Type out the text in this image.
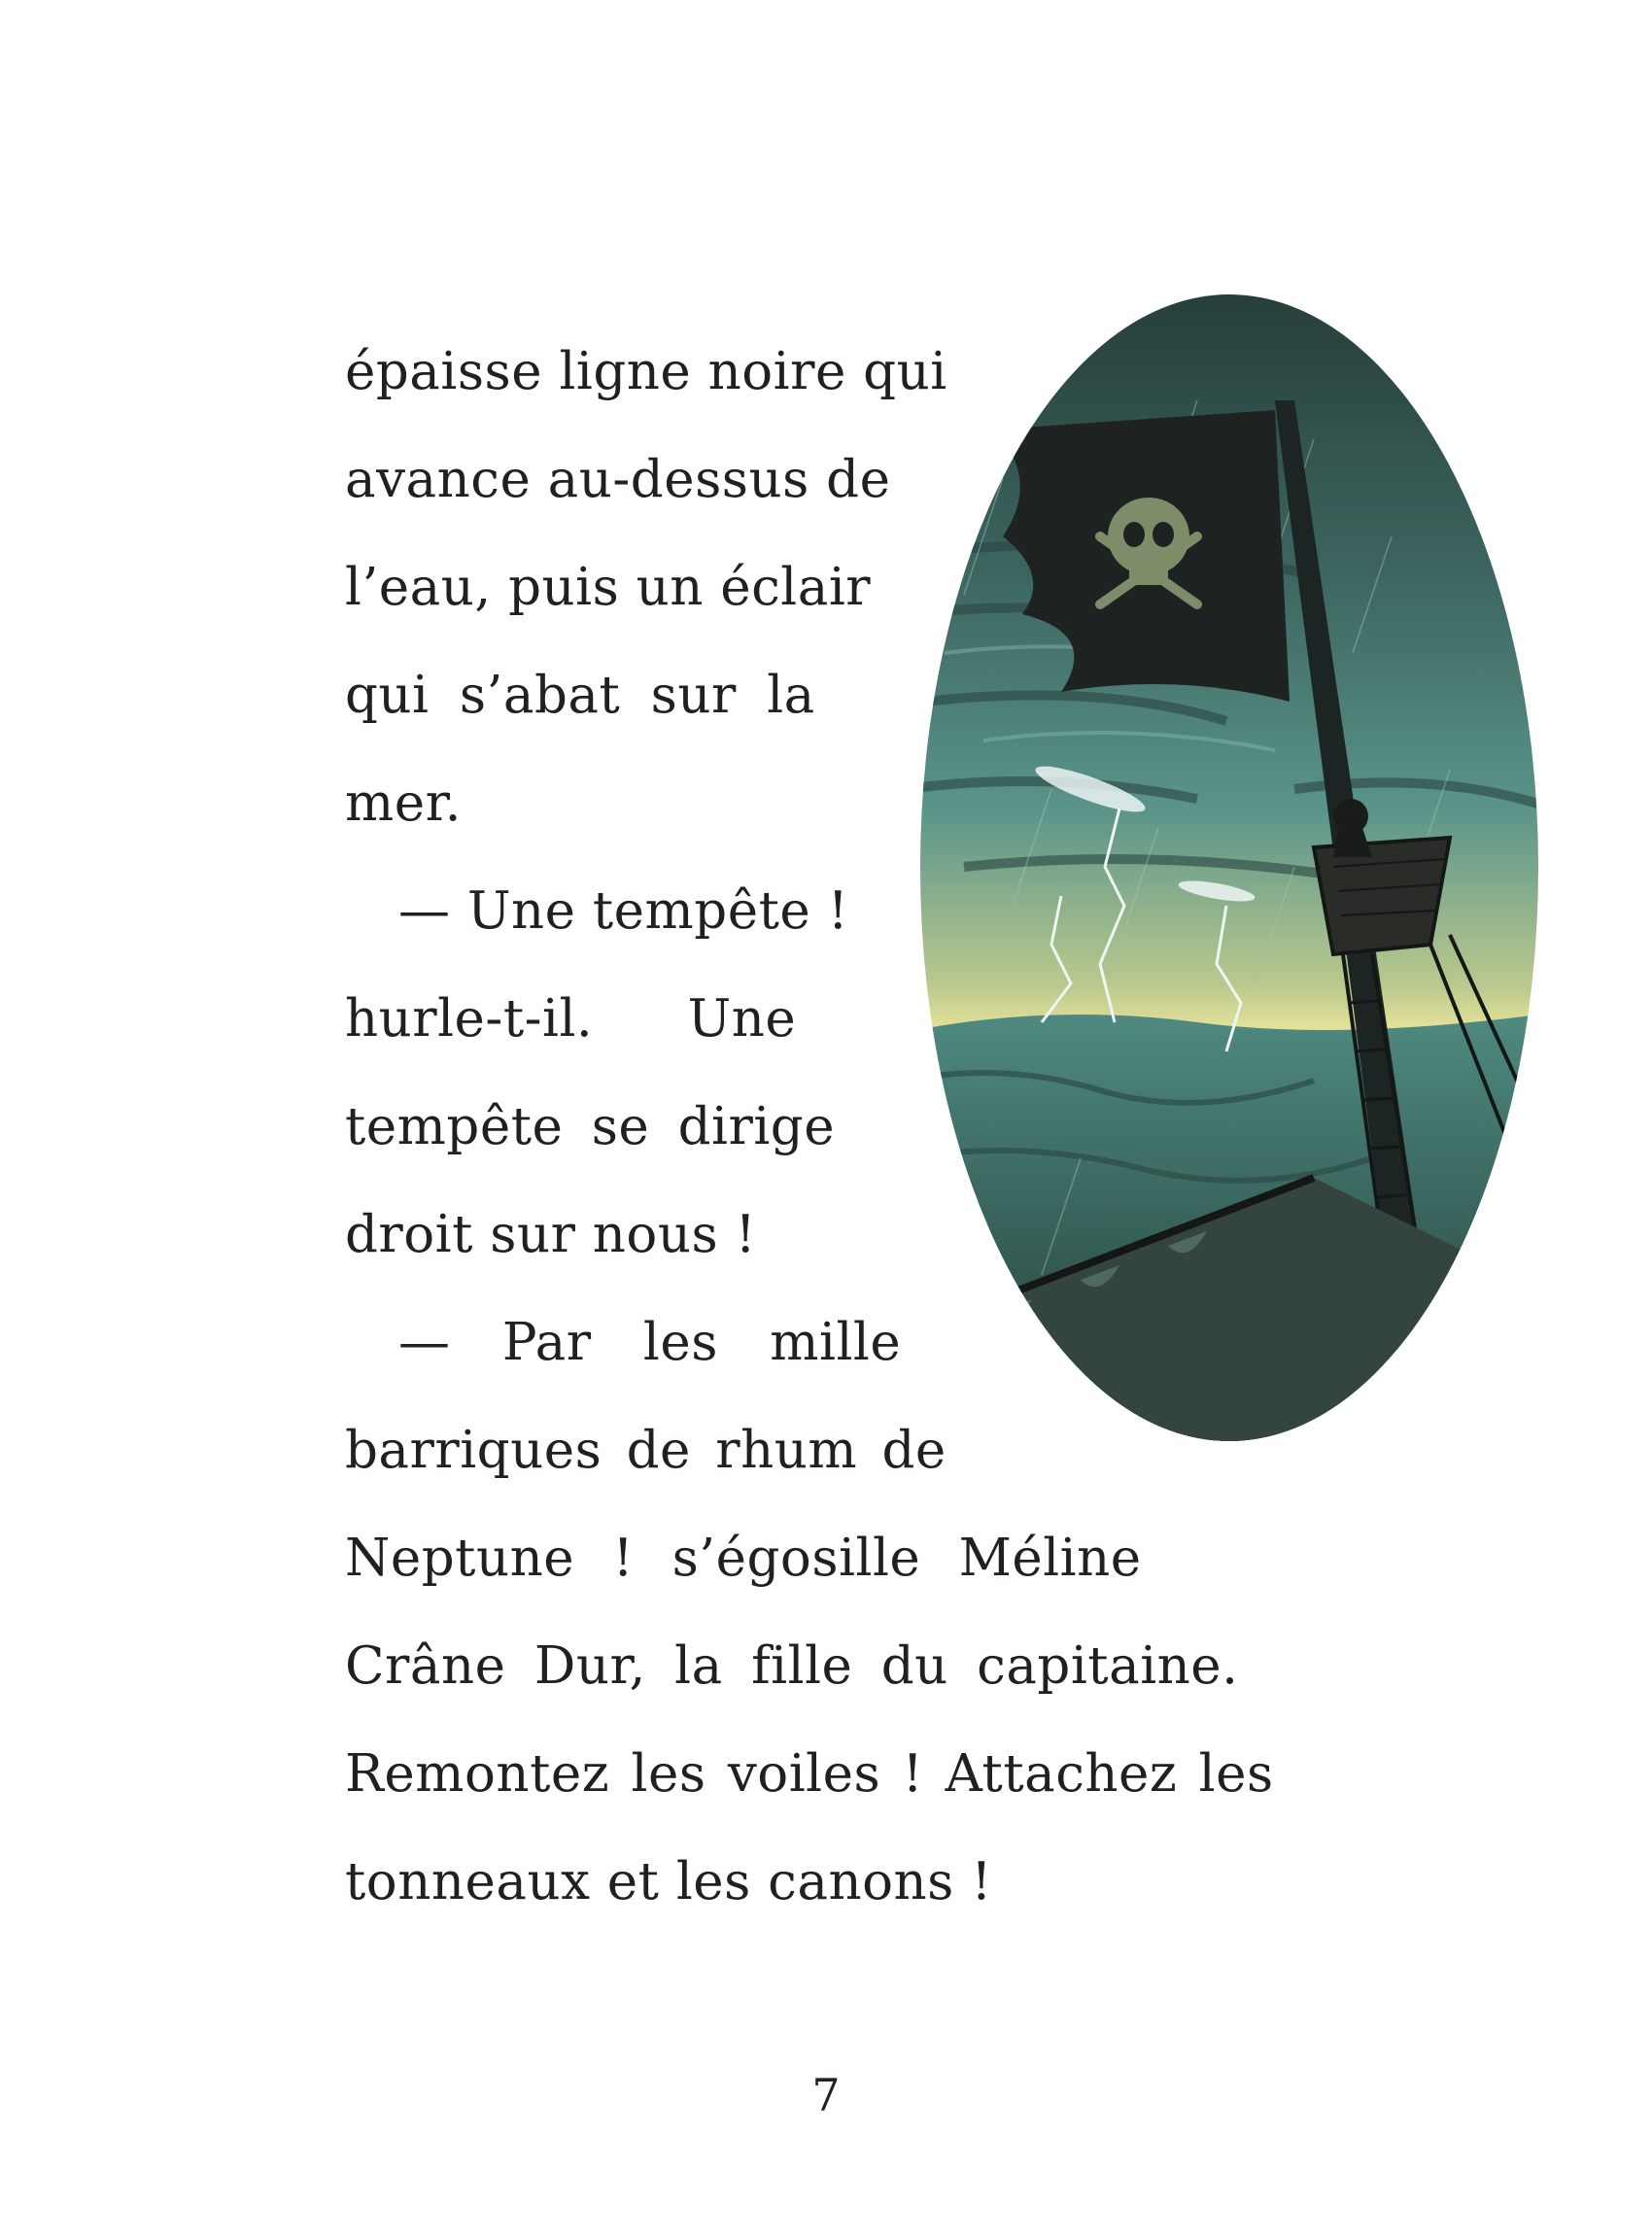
épaisse ligne noire qui
avance au-dessus de
l’eau, puis un éclair
qui s’abat sur la
mer.
— Une tempête !
hurle-t-il. Une
tempête se dirige
droit sur nous !
— Par les mille
barriques de rhum de
Neptune ! s’égosille Méline
Crâne Dur, la fille du capitaine.
Remontez les voiles ! Attachez les
tonneaux et les canons !
7
